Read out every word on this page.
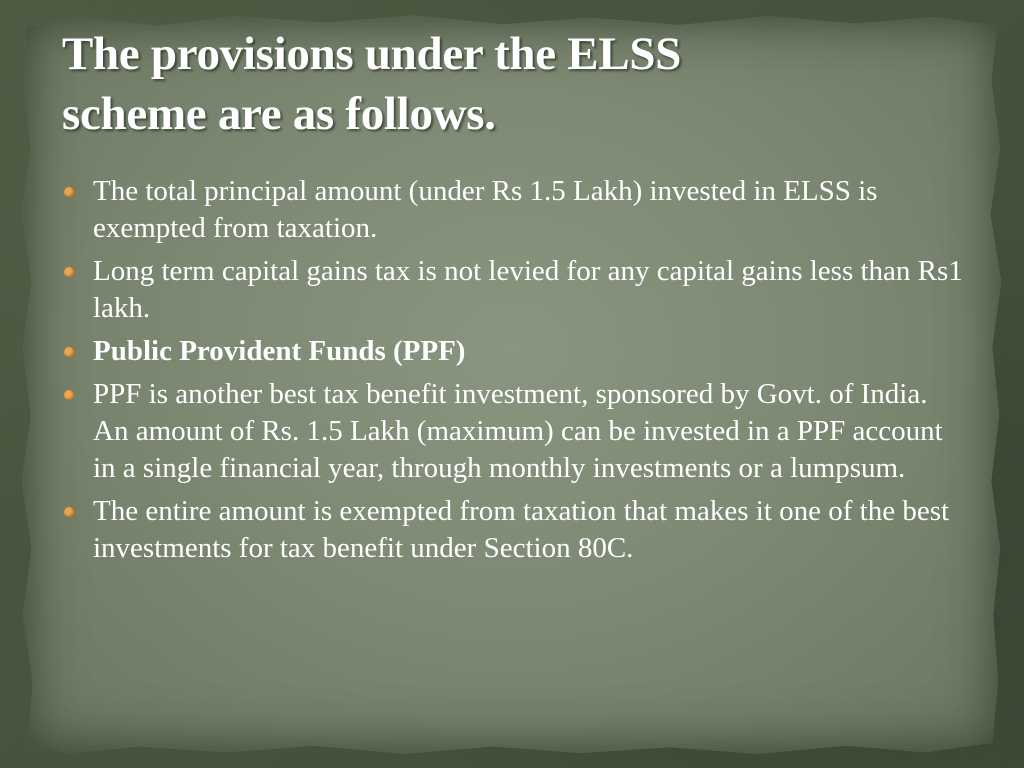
The provisions under the ELSS
scheme are as follows.
The total principal amount (under Rs 1.5 Lakh) invested in ELSS is exempted from taxation.
Long term capital gains tax is not levied for any capital gains less than Rs1 lakh.
Public Provident Funds (PPF)
PPF is another best tax benefit investment, sponsored by Govt. of India. An amount of Rs. 1.5 Lakh (maximum) can be invested in a PPF account in a single financial year, through monthly investments or a lumpsum.
The entire amount is exempted from taxation that makes it one of the best investments for tax benefit under Section 80C.
